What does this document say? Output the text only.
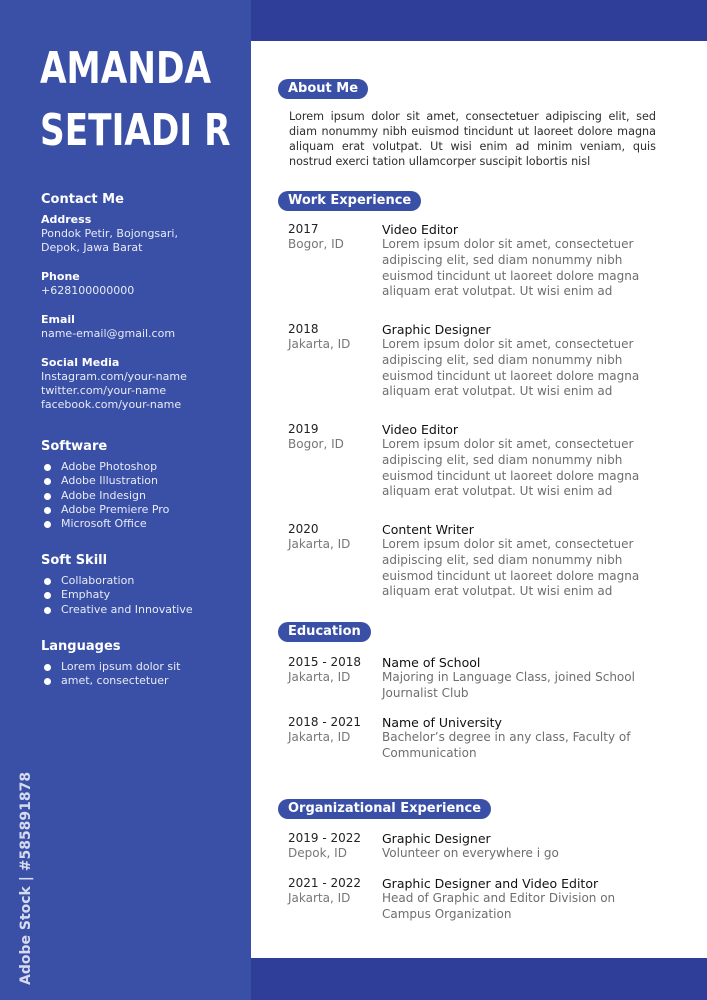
AMANDA
SETIADI R
Contact Me
Address
Pondok Petir, Bojongsari,
Depok, Jawa Barat
Phone
+628100000000
Email
name-email@gmail.com
Social Media
Instagram.com/your-name
twitter.com/your-name
facebook.com/your-name
Software
Adobe Photoshop
Adobe Illustration
Adobe Indesign
Adobe Premiere Pro
Microsoft Office
Soft Skill
Collaboration
Emphaty
Creative and Innovative
Languages
Lorem ipsum dolor sit
amet, consectetuer
Adobe Stock | #585891878
About Me
Lorem ipsum dolor sit amet, consectetuer adipiscing elit, sed diam nonummy nibh euismod tincidunt ut laoreet dolore magna aliquam erat volutpat. Ut wisi enim ad minim veniam, quis nostrud exerci tation ullamcorper suscipit lobortis nisl
Work Experience
2017
Bogor, ID
Video Editor
Lorem ipsum dolor sit amet, consectetuer adipiscing elit, sed diam nonummy nibh euismod tincidunt ut laoreet dolore magna aliquam erat volutpat. Ut wisi enim ad
2018
Jakarta, ID
Graphic Designer
Lorem ipsum dolor sit amet, consectetuer adipiscing elit, sed diam nonummy nibh euismod tincidunt ut laoreet dolore magna aliquam erat volutpat. Ut wisi enim ad
2019
Bogor, ID
Video Editor
Lorem ipsum dolor sit amet, consectetuer adipiscing elit, sed diam nonummy nibh euismod tincidunt ut laoreet dolore magna aliquam erat volutpat. Ut wisi enim ad
2020
Jakarta, ID
Content Writer
Lorem ipsum dolor sit amet, consectetuer adipiscing elit, sed diam nonummy nibh euismod tincidunt ut laoreet dolore magna aliquam erat volutpat. Ut wisi enim ad
Education
2015 - 2018
Jakarta, ID
Name of School
Majoring in Language Class, joined School Journalist Club
2018 - 2021
Jakarta, ID
Name of University
Bachelor’s degree in any class, Faculty of Communication
Organizational Experience
2019 - 2022
Depok, ID
Graphic Designer
Volunteer on everywhere i go
2021 - 2022
Jakarta, ID
Graphic Designer and Video Editor
Head of Graphic and Editor Division on Campus Organization
